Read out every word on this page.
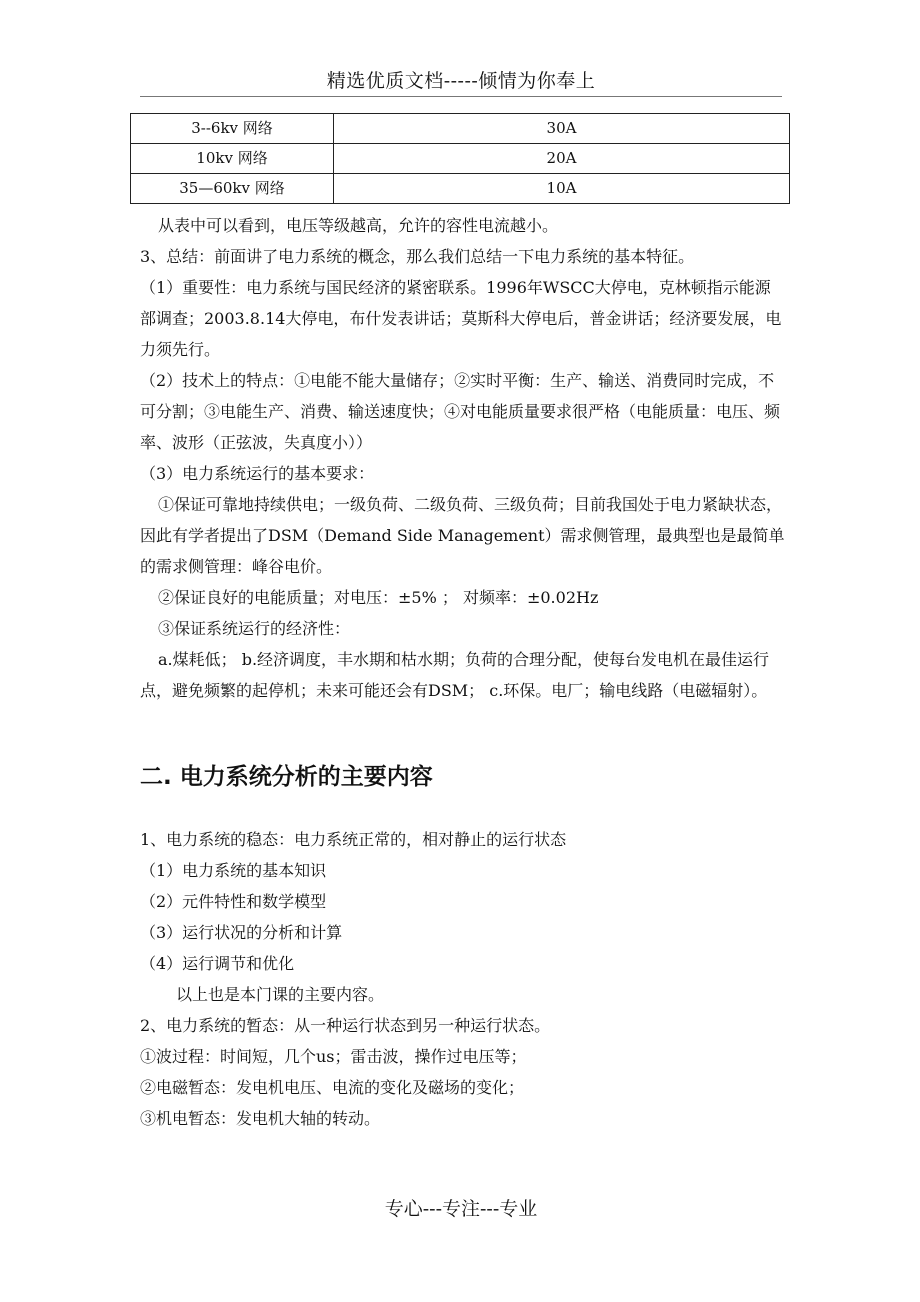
精选优质文档-----倾情为你奉上
3--6kv 网络	30A
10kv 网络	20A
35—60kv 网络	10A

从表中可以看到，电压等级越高，允许的容性电流越小。

3、总结：前面讲了电力系统的概念，那么我们总结一下电力系统的基本特征。

（1）重要性：电力系统与国民经济的紧密联系。1996年WSCC大停电，克林顿指示能源部调查；2003.8.14大停电，布什发表讲话；莫斯科大停电后，普金讲话；经济要发展，电力须先行。

（2）技术上的特点：①电能不能大量储存；②实时平衡：生产、输送、消费同时完成，不可分割；③电能生产、消费、输送速度快；④对电能质量要求很严格（电能质量：电压、频率、波形（正弦波，失真度小））

（3）电力系统运行的基本要求：

①保证可靠地持续供电；一级负荷、二级负荷、三级负荷；目前我国处于电力紧缺状态，因此有学者提出了DSM（Demand Side Management）需求侧管理，最典型也是最简单的需求侧管理：峰谷电价。

②保证良好的电能质量；对电压：±5% ； 对频率：±0.02Hz

③保证系统运行的经济性：

a.煤耗低； b.经济调度，丰水期和枯水期；负荷的合理分配，使每台发电机在最佳运行点，避免频繁的起停机；未来可能还会有DSM； c.环保。电厂；输电线路（电磁辐射）。

二. 电力系统分析的主要内容

1、电力系统的稳态：电力系统正常的，相对静止的运行状态

（1）电力系统的基本知识

（2）元件特性和数学模型

（3）运行状况的分析和计算

（4）运行调节和优化

以上也是本门课的主要内容。

2、电力系统的暂态：从一种运行状态到另一种运行状态。

①波过程：时间短，几个us；雷击波，操作过电压等；

②电磁暂态：发电机电压、电流的变化及磁场的变化；

③机电暂态：发电机大轴的转动。

专心---专注---专业
